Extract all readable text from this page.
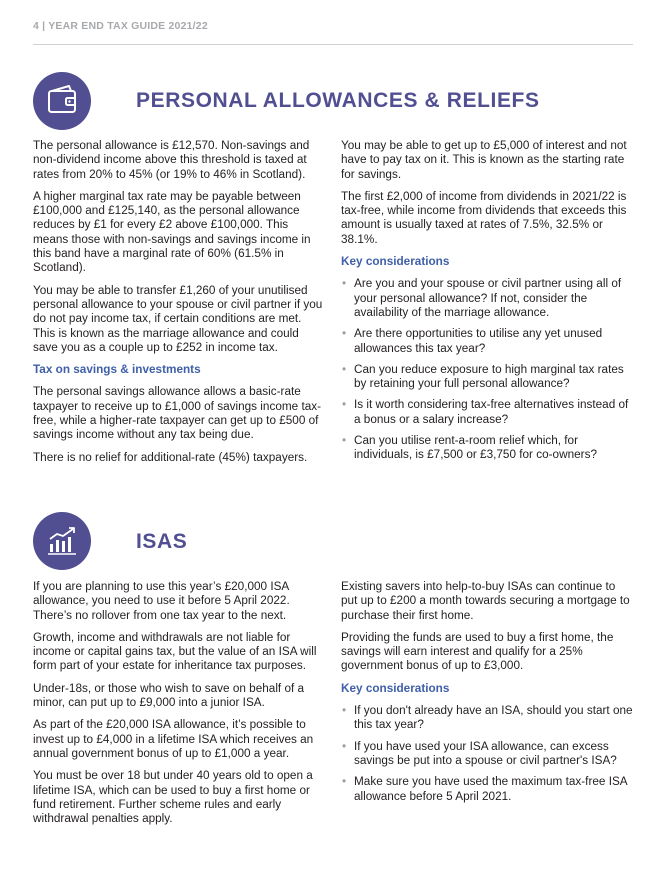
4 | YEAR END TAX GUIDE 2021/22
PERSONAL ALLOWANCES & RELIEFS

The personal allowance is £12,570. Non-savings and non-dividend income above this threshold is taxed at rates from 20% to 45% (or 19% to 46% in Scotland).

A higher marginal tax rate may be payable between £100,000 and £125,140, as the personal allowance reduces by £1 for every £2 above £100,000. This means those with non-savings and savings income in this band have a marginal rate of 60% (61.5% in Scotland).

You may be able to transfer £1,260 of your unutilised personal allowance to your spouse or civil partner if you do not pay income tax, if certain conditions are met. This is known as the marriage allowance and could save you as a couple up to £252 in income tax.

Tax on savings & investments

The personal savings allowance allows a basic-rate taxpayer to receive up to £1,000 of savings income tax-free, while a higher-rate taxpayer can get up to £500 of savings income without any tax being due.

There is no relief for additional-rate (45%) taxpayers.

You may be able to get up to £5,000 of interest and not have to pay tax on it. This is known as the starting rate for savings.

The first £2,000 of income from dividends in 2021/22 is tax-free, while income from dividends that exceeds this amount is usually taxed at rates of 7.5%, 32.5% or 38.1%.

Key considerations

• Are you and your spouse or civil partner using all of your personal allowance? If not, consider the availability of the marriage allowance.
• Are there opportunities to utilise any yet unused allowances this tax year?
• Can you reduce exposure to high marginal tax rates by retaining your full personal allowance?
• Is it worth considering tax-free alternatives instead of a bonus or a salary increase?
• Can you utilise rent-a-room relief which, for individuals, is £7,500 or £3,750 for co-owners?
ISAS

If you are planning to use this year’s £20,000 ISA allowance, you need to use it before 5 April 2022. There’s no rollover from one tax year to the next.

Growth, income and withdrawals are not liable for income or capital gains tax, but the value of an ISA will form part of your estate for inheritance tax purposes.

Under-18s, or those who wish to save on behalf of a minor, can put up to £9,000 into a junior ISA.

As part of the £20,000 ISA allowance, it’s possible to invest up to £4,000 in a lifetime ISA which receives an annual government bonus of up to £1,000 a year.

You must be over 18 but under 40 years old to open a lifetime ISA, which can be used to buy a first home or fund retirement. Further scheme rules and early withdrawal penalties apply.

Existing savers into help-to-buy ISAs can continue to put up to £200 a month towards securing a mortgage to purchase their first home.

Providing the funds are used to buy a first home, the savings will earn interest and qualify for a 25% government bonus of up to £3,000.

Key considerations

• If you don't already have an ISA, should you start one this tax year?
• If you have used your ISA allowance, can excess savings be put into a spouse or civil partner's ISA?
• Make sure you have used the maximum tax-free ISA allowance before 5 April 2021.
